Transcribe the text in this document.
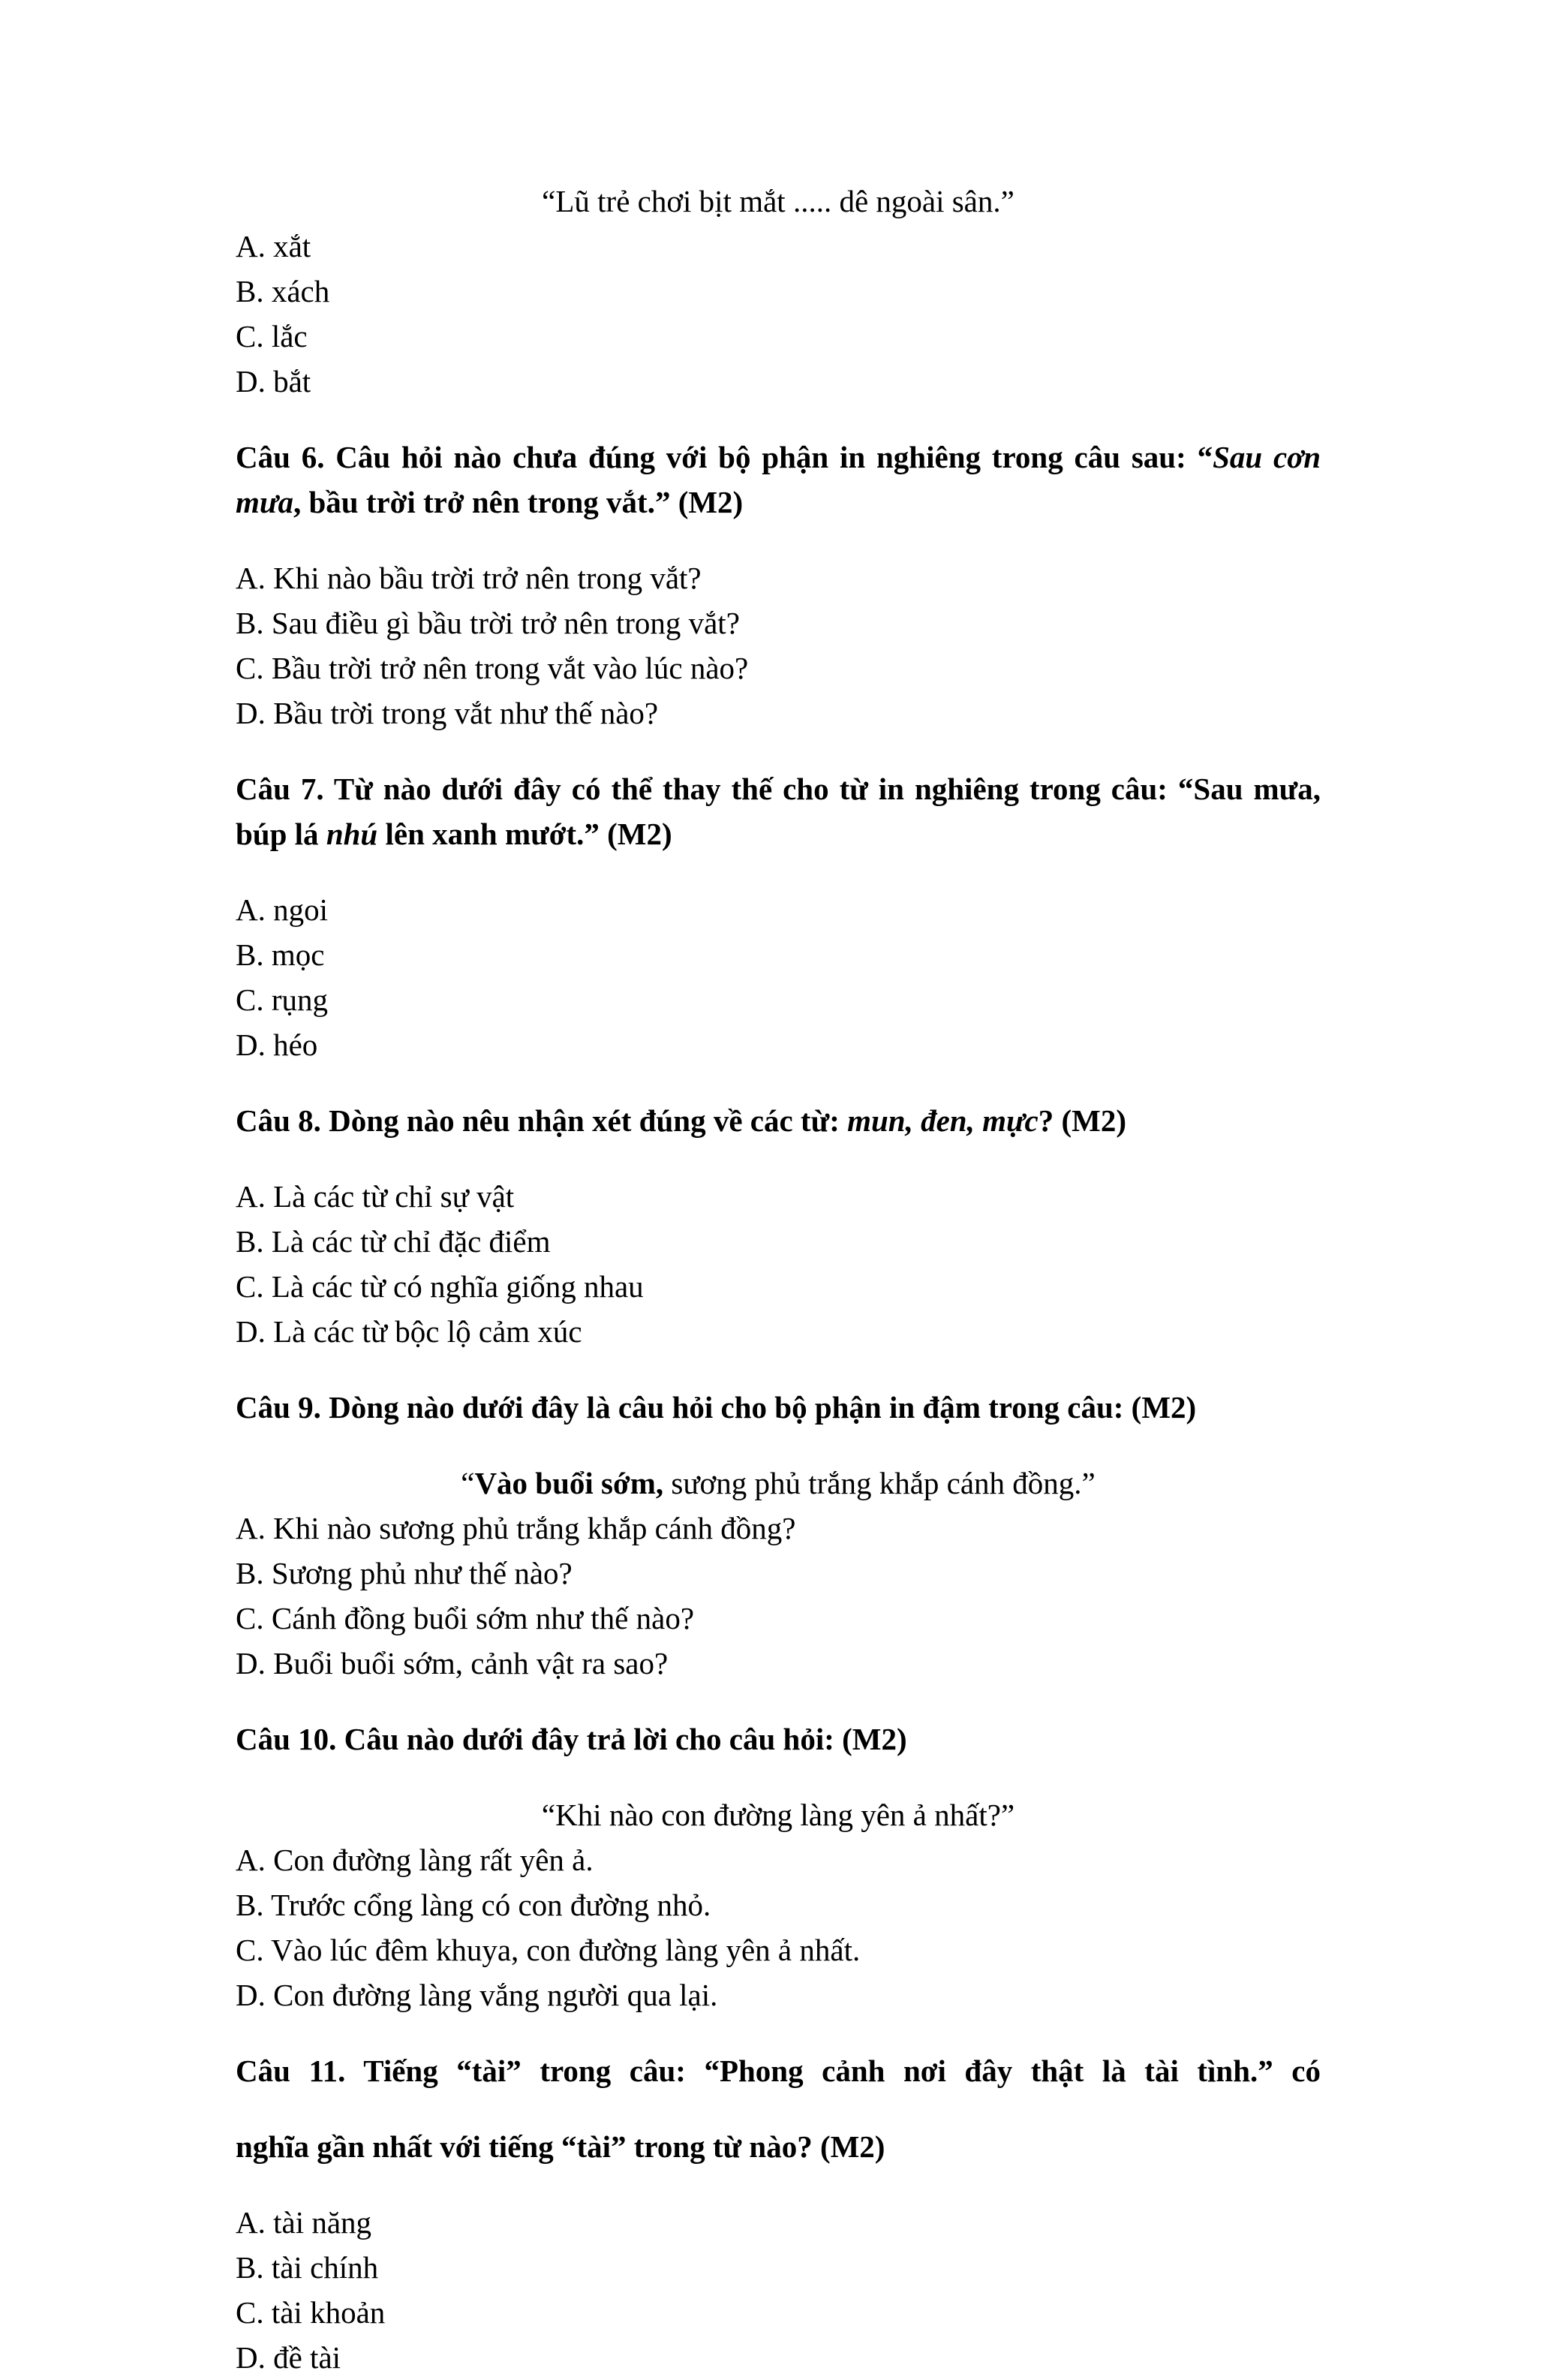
“Lũ trẻ chơi bịt mắt ..... dê ngoài sân.”

A. xắt

B. xách

C. lắc

D. bắt

Câu 6. Câu hỏi nào chưa đúng với bộ phận in nghiêng trong câu sau: “Sau cơn mưa, bầu trời trở nên trong vắt.” (M2)

A. Khi nào bầu trời trở nên trong vắt?

B. Sau điều gì bầu trời trở nên trong vắt?

C. Bầu trời trở nên trong vắt vào lúc nào?

D. Bầu trời trong vắt như thế nào?

Câu 7. Từ nào dưới đây có thể thay thế cho từ in nghiêng trong câu: “Sau mưa, búp lá nhú lên xanh mướt.” (M2)

A. ngoi

B. mọc

C. rụng

D. héo

Câu 8. Dòng nào nêu nhận xét đúng về các từ: mun, đen, mực? (M2)

A. Là các từ chỉ sự vật

B. Là các từ chỉ đặc điểm

C. Là các từ có nghĩa giống nhau

D. Là các từ bộc lộ cảm xúc

Câu 9. Dòng nào dưới đây là câu hỏi cho bộ phận in đậm trong câu: (M2)

“Vào buổi sớm, sương phủ trắng khắp cánh đồng.”

A. Khi nào sương phủ trắng khắp cánh đồng?

B. Sương phủ như thế nào?

C. Cánh đồng buổi sớm như thế nào?

D. Buổi buổi sớm, cảnh vật ra sao?

Câu 10. Câu nào dưới đây trả lời cho câu hỏi: (M2)

“Khi nào con đường làng yên ả nhất?”

A. Con đường làng rất yên ả.

B. Trước cổng làng có con đường nhỏ.

C. Vào lúc đêm khuya, con đường làng yên ả nhất.

D. Con đường làng vắng người qua lại.

Câu 11. Tiếng “tài” trong câu: “Phong cảnh nơi đây thật là tài tình.” có

nghĩa gần nhất với tiếng “tài” trong từ nào? (M2)

A. tài năng

B. tài chính

C. tài khoản

D. đề tài
